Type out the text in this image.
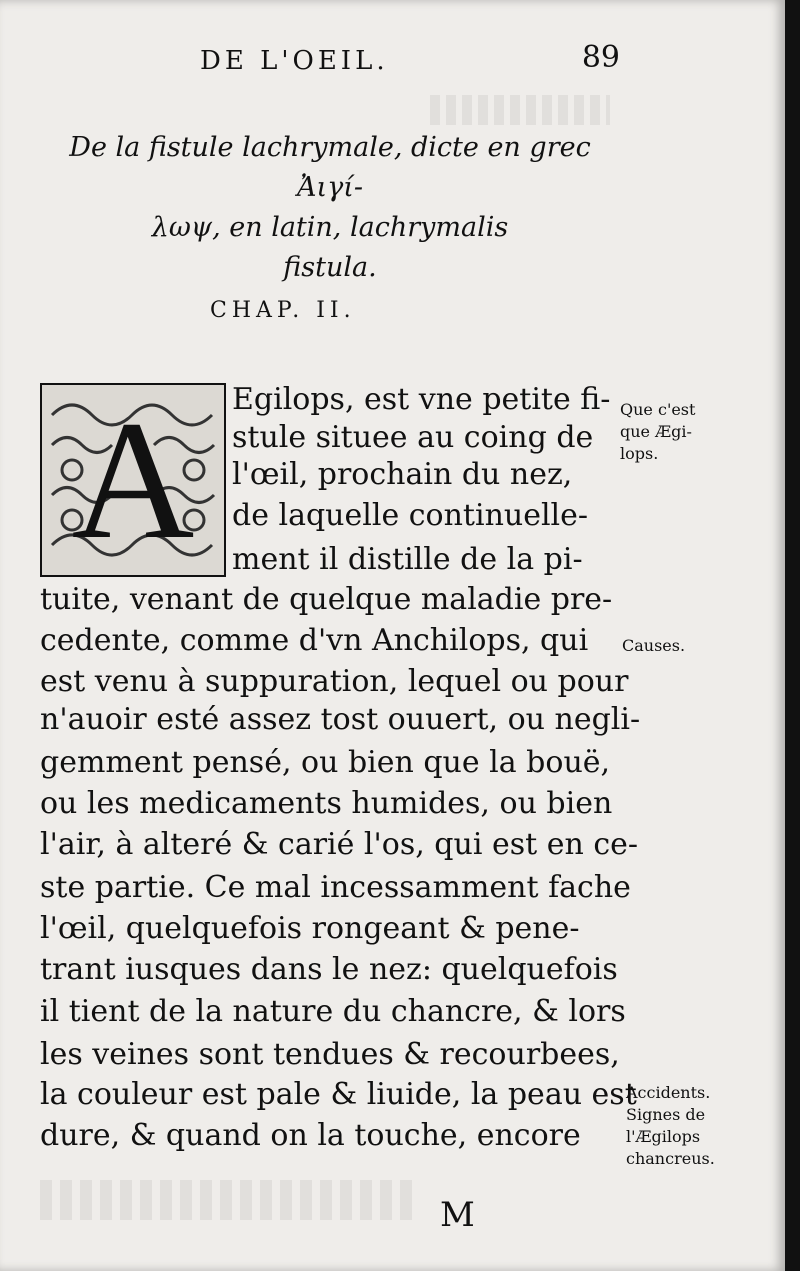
DE L'OEIL.	89
De la fistule lachrymale, dicte en grec Ἀιγί-
λωψ, en latin, lachrymalis
fistula.
CHAP. II.
A	Egilops, est vne petite fi-
stule situee au coing de
l'œil, prochain du nez,
de laquelle continuelle-
ment il distille de la pi-
tuite, venant de quelque maladie pre-
cedente, comme d'vn Anchilops, qui
est venu à suppuration, lequel ou pour
n'auoir esté assez tost ouuert, ou negli-
gemment pensé, ou bien que la bouë,
ou les medicaments humides, ou bien
l'air, à alteré & carié l'os, qui est en ce-
ste partie. Ce mal incessamment fache
l'œil, quelquefois rongeant & pene-
trant iusques dans le nez: quelquefois
il tient de la nature du chancre, & lors
les veines sont tendues & recourbees,
la couleur est pale & liuide, la peau est
dure, & quand on la touche, encore
Que c'est
que Ægi-
lops.
Causes.
Accidents.
Signes de
l'Ægilops
chancreus.
M
